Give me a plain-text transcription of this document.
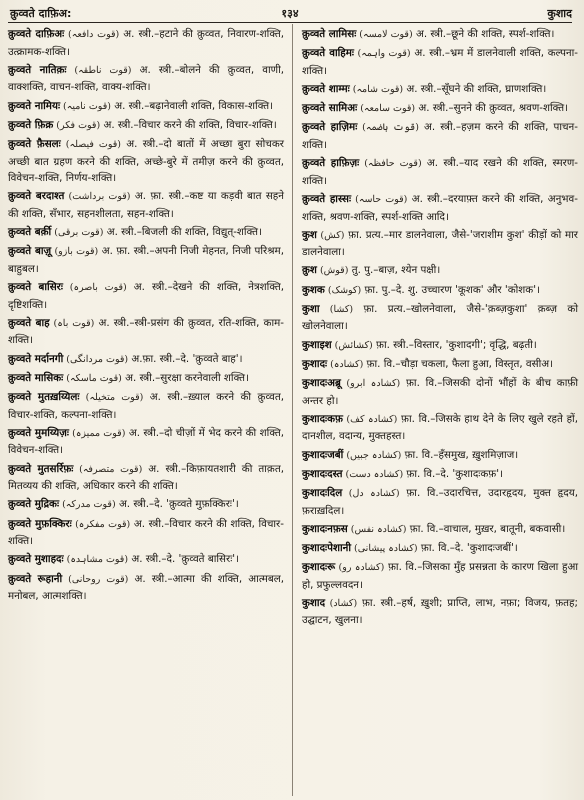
क़ुव्वते दाफ़िअ:	१३४	कुशाद
क़ुव्वते दाफ़िअः (قوت دافعہ) अ. स्त्री.–हटाने की क़ुव्वत, निवारण-शक्ति, उत्क्रामक-शक्ति।
क़ुव्वते नातिक़ः (قوت ناطقہ) अ. स्त्री.–बोलने की क़ुव्वत, वाणी, वाक्शक्ति, वाचन-शक्ति, वाक्य-शक्ति।
क़ुव्वते नामियः (قوت نامیہ) अ. स्त्री.–बढ़ानेवाली शक्ति, विकास-शक्ति।
क़ुव्वते फ़िक्र (قوت فکر) अ. स्त्री.–विचार करने की शक्ति, विचार-शक्ति।
क़ुव्वते फ़ैसलः (قوت فیصلہ) अ. स्त्री.–दो बातों में अच्छा बुरा सोचकर अच्छी बात ग्रहण करने की शक्ति, अच्छे-बुरे में तमीज़ करने की क़ुव्वत, विवेचन-शक्ति, निर्णय-शक्ति।
क़ुव्वते बरदाश्त (قوت برداشت) अ. फ़ा. स्त्री.–कष्ट या कड़वी बात सहने की शक्ति, सँभार, सहनशीलता, सहन-शक्ति।
क़ुव्वते बर्क़ी (قوت برقی) अ. स्त्री.–बिजली की शक्ति, विद्युत्-शक्ति।
क़ुव्वते बाज़ू (قوت بازو) अ. फ़ा. स्त्री.–अपनी निजी मेहनत, निजी परिश्रम, बाहुबल।
क़ुव्वते बासिरः (قوت باصرہ) अ. स्त्री.–देखने की शक्ति, नेत्रशक्ति, दृष्टिशक्ति।
क़ुव्वते बाह (قوت باہ) अ. स्त्री.–स्त्री-प्रसंग की क़ुव्वत, रति-शक्ति, काम-शक्ति।
क़ुव्वते मर्दानगी (قوت مردانگی) अ.फ़ा. स्त्री.–दे. 'क़ुव्वते बाह'।
क़ुव्वते मासिकः (قوت ماسکہ) अ. स्त्री.–सुरक्षा करनेवाली शक्ति।
क़ुव्वते मुतख़य्यिलः (قوت متخیلہ) अ. स्त्री.–ख़्याल करने की क़ुव्वत, विचार-शक्ति, कल्पना-शक्ति।
क़ुव्वते मुमय्यिज़ः (قوت ممیزہ) अ. स्त्री.–दो चीज़ों में भेद करने की शक्ति, विवेचन-शक्ति।
क़ुव्वते मुतसर्रिफ़ः (قوت متصرفہ) अ. स्त्री.–किफ़ायतशारी की ताक़त, मितव्यय की शक्ति, अधिकार करने की शक्ति।
क़ुव्वते मुद्रिकः (قوت مدرکہ) अ. स्त्री.–दे. 'क़ुव्वते मुफ़क्किरः'।
क़ुव्वते मुफ़क्किरः (قوت مفکرہ) अ. स्त्री.–विचार करने की शक्ति, विचार-शक्ति।
क़ुव्वते मुशाहदः (قوت مشاہدہ) अ. स्त्री.–दे. 'क़ुव्वते बासिरः'।
क़ुव्वते रूहानी (قوت روحانی) अ. स्त्री.–आत्मा की शक्ति, आत्मबल, मनोबल, आत्मशक्ति।
क़ुव्वते लामिसः (قوت لامسہ) अ. स्त्री.–छूने की शक्ति, स्पर्श-शक्ति।
क़ुव्वते वाहिमः (قوت واہمہ) अ. स्त्री.–भ्रम में डालनेवाली शक्ति, कल्पना-शक्ति।
क़ुव्वते शाम्मः (قوت شامہ) अ. स्त्री.–सूँघने की शक्ति, घ्राणशक्ति।
क़ुव्वते सामिअः (قوت سامعہ) अ. स्त्री.–सुनने की क़ुव्वत, श्रवण-शक्ति।
क़ुव्वते हाज़िमः (قوت ہاضمہ) अ. स्त्री.–हज़म करने की शक्ति, पाचन-शक्ति।
क़ुव्वते हाफ़िज़ः (قوت حافظہ) अ. स्त्री.–याद रखने की शक्ति, स्मरण-शक्ति।
क़ुव्वते हास्सः (قوت حاسہ) अ. स्त्री.–दरयाफ़्त करने की शक्ति, अनुभव-शक्ति, श्रवण-शक्ति, स्पर्श-शक्ति आदि।
कुश (کش) फ़ा. प्रत्य.–मार डालनेवाला, जैसे-'जराशीम कुश' कीड़ों को मार डालनेवाला।
क़ुश (قوش) तु. पु.–बाज़, श्येन पक्षी।
कुशक (کوشک) फ़ा. पु.–दे. शु. उच्चारण 'कूशक' और 'कोशक'।
कुशा (کشا) फ़ा. प्रत्य.–खोलनेवाला, जैसे-'क़ब्ज़कुशा' क़ब्ज़ को खोलनेवाला।
कुशाइश (کشائش) फ़ा. स्त्री.–विस्तार, 'कुशादगी'; वृद्धि, बढ़ती।
कुशादः (کشادہ) फ़ा. वि.–चौड़ा चकला, फैला हुआ, विस्तृत, वसीअ।
कुशादःअब्रू (کشادہ ابرو) फ़ा. वि.–जिसकी दोनों भौंहों के बीच काफ़ी अन्तर हो।
कुशादःकफ़ (کشادہ کف) फ़ा. वि.–जिसके हाथ देने के लिए खुले रहते हों, दानशील, वदान्य, मुक्तहस्त।
कुशादःजबीं (کشادہ جبیں) फ़ा. वि.–हँसमुख, ख़ुशमिज़ाज।
कुशादःदस्त (کشادہ دست) फ़ा. वि.–दे. 'कुशादःकफ़'।
कुशादःदिल (کشادہ دل) फ़ा. वि.–उदारचित्त, उदारहृदय, मुक्त हृदय, फ़राख़दिल।
कुशादःनफ़स (کشادہ نفس) फ़ा. वि.–वाचाल, मुख़र, बातूनी, बकवासी।
कुशादःपेशानी (کشادہ پیشانی) फ़ा. वि.–दे. 'कुशादःजबीं'।
कुशादःरू (کشادہ رو) फ़ा. वि.–जिसका मुँह प्रसन्नता के कारण खिला हुआ हो, प्रफुल्लवदन।
कुशाद (کشاد) फ़ा. स्त्री.–हर्ष, ख़ुशी; प्राप्ति, लाभ, नफ़ा; विजय, फ़तह; उद्घाटन, खुलना।
